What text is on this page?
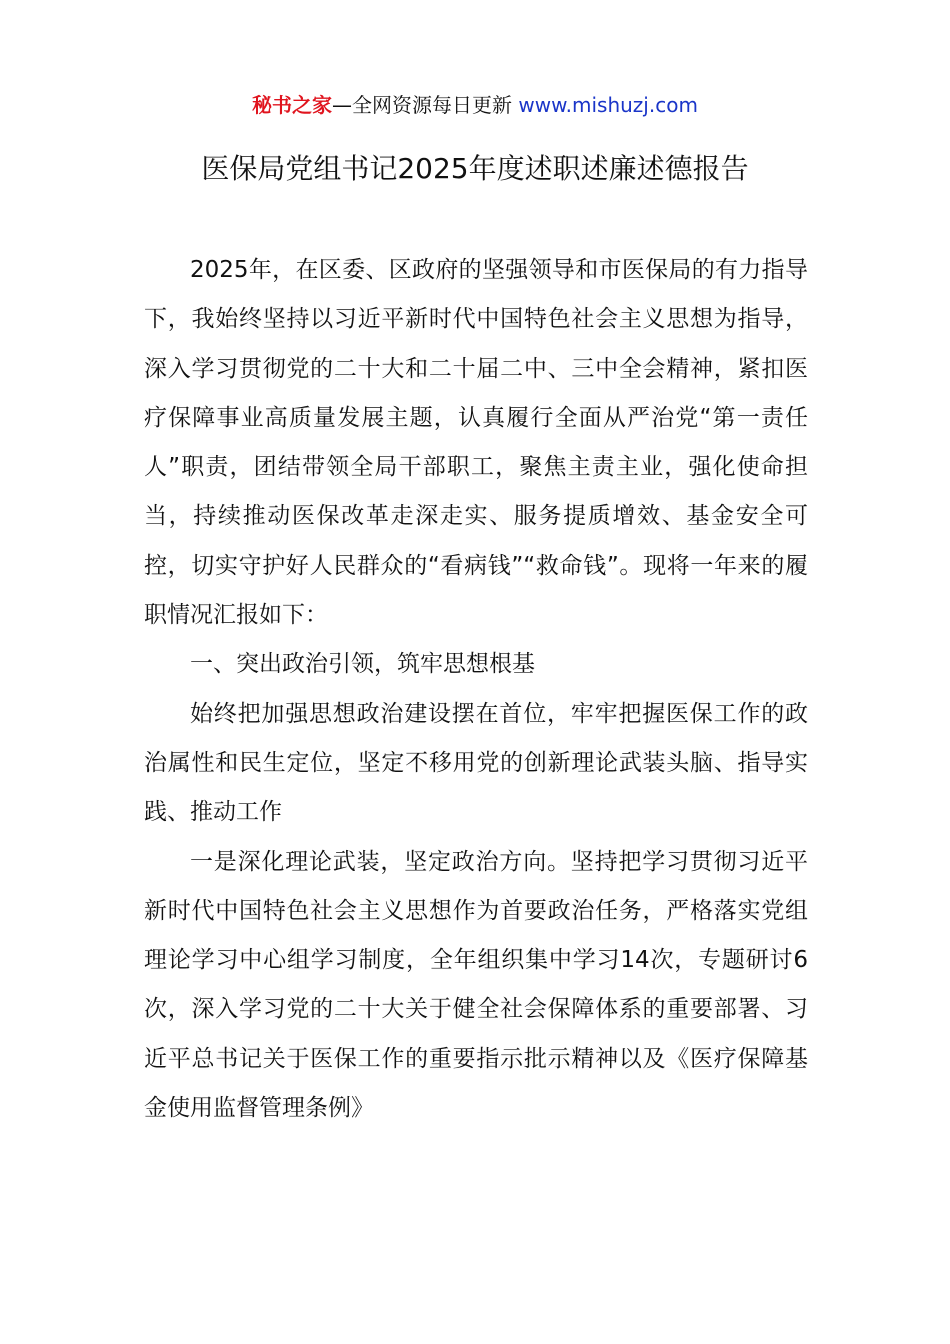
秘书之家—全网资源每日更新 www.mishuzj.com
医保局党组书记2025年度述职述廉述德报告

2025年，在区委、区政府的坚强领导和市医保局的有力指导下，我始终坚持以习近平新时代中国特色社会主义思想为指导，深入学习贯彻党的二十大和二十届二中、三中全会精神，紧扣医疗保障事业高质量发展主题，认真履行全面从严治党“第一责任人”职责，团结带领全局干部职工，聚焦主责主业，强化使命担当，持续推动医保改革走深走实、服务提质增效、基金安全可控，切实守护好人民群众的“看病钱”“救命钱”。现将一年来的履职情况汇报如下：

一、突出政治引领，筑牢思想根基

始终把加强思想政治建设摆在首位，牢牢把握医保工作的政治属性和民生定位，坚定不移用党的创新理论武装头脑、指导实践、推动工作

一是深化理论武装，坚定政治方向。坚持把学习贯彻习近平新时代中国特色社会主义思想作为首要政治任务，严格落实党组理论学习中心组学习制度，全年组织集中学习14次，专题研讨6次，深入学习党的二十大关于健全社会保障体系的重要部署、习近平总书记关于医保工作的重要指示批示精神以及《医疗保障基金使用监督管理条例》
